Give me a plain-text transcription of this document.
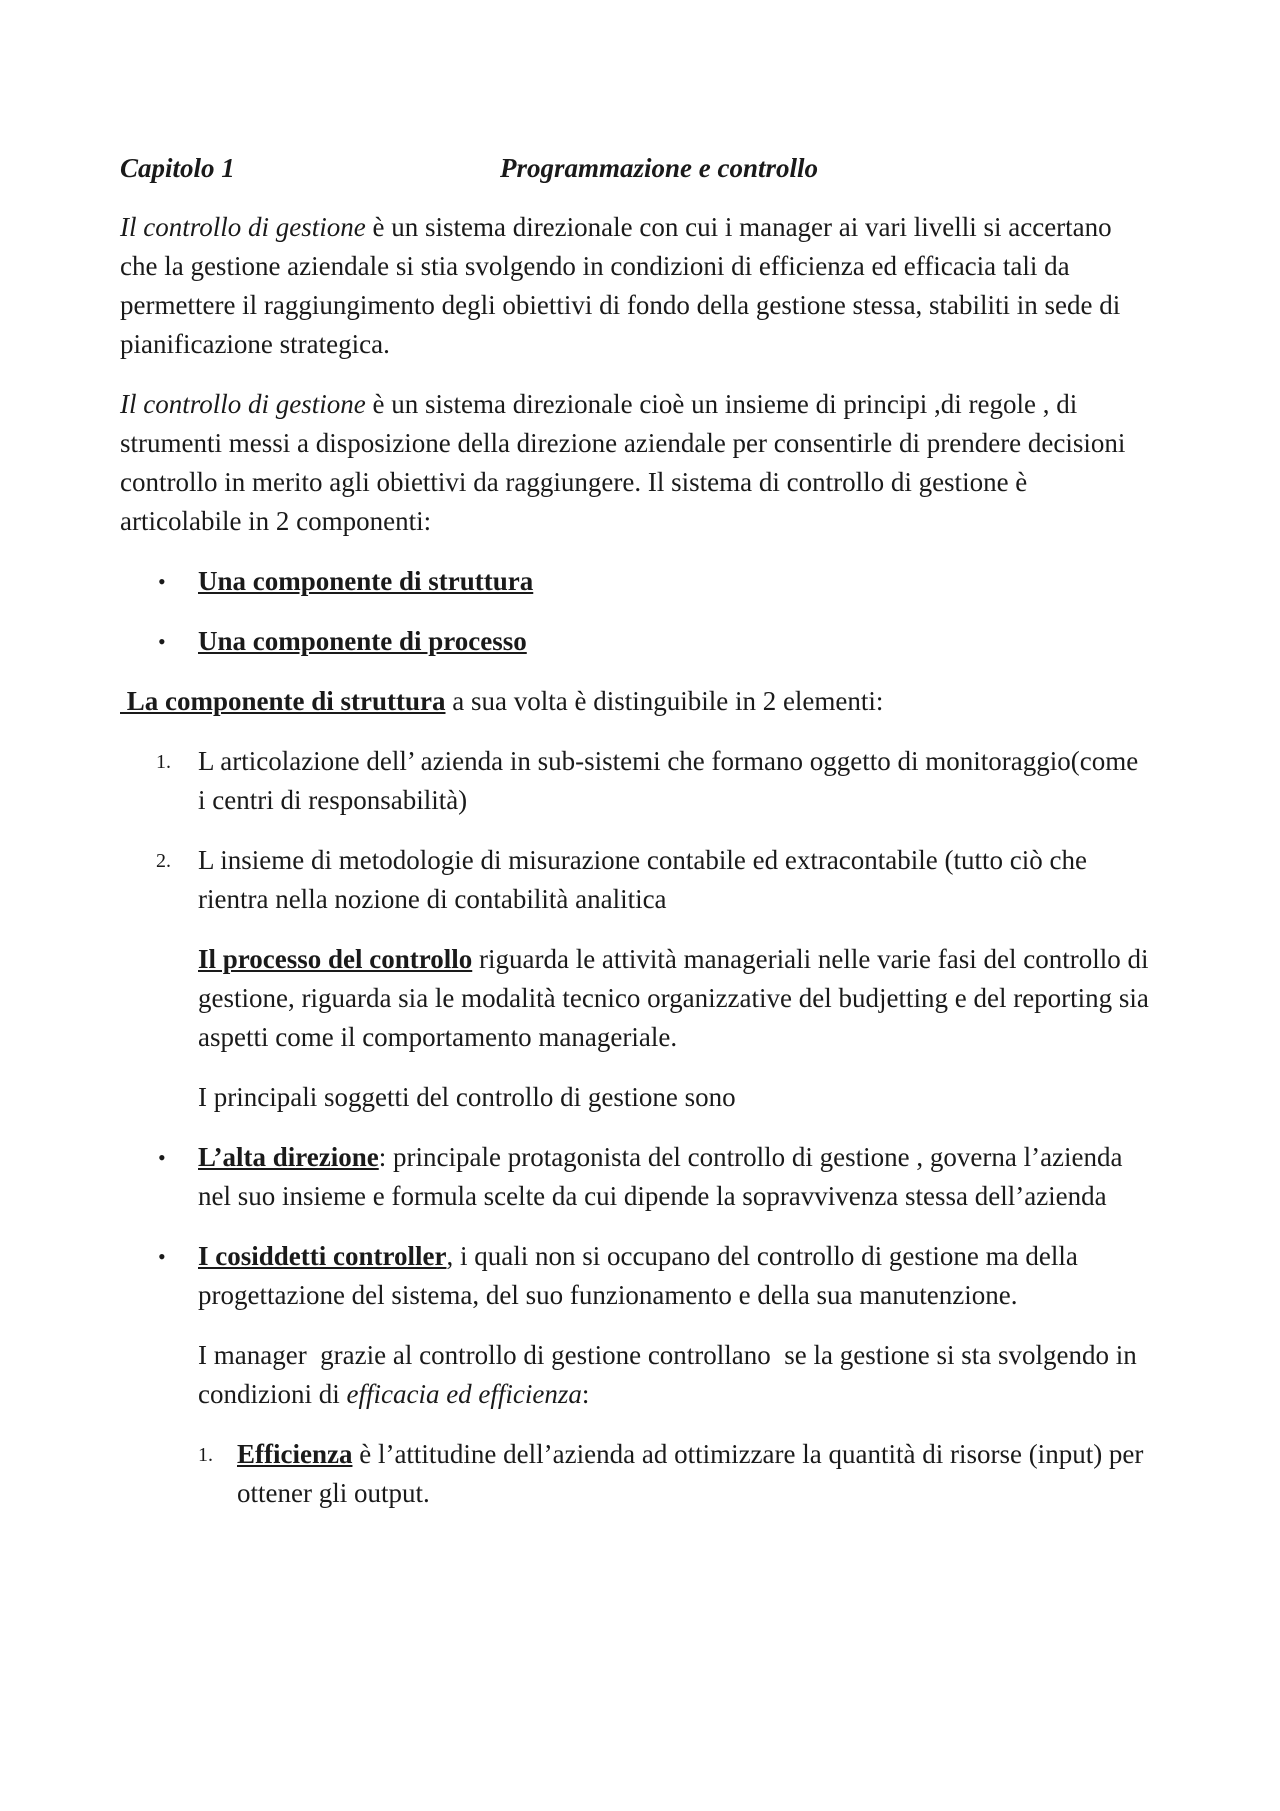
Capitolo 1	Programmazione e controllo

Il controllo di gestione è un sistema direzionale con cui i manager ai vari livelli si accertano che la gestione aziendale si stia svolgendo in condizioni di efficienza ed efficacia tali da permettere il raggiungimento degli obiettivi di fondo della gestione stessa, stabiliti in sede di pianificazione strategica.

Il controllo di gestione è un sistema direzionale cioè un insieme di principi ,di regole , di strumenti messi a disposizione della direzione aziendale per consentirle di prendere decisioni controllo in merito agli obiettivi da raggiungere. Il sistema di controllo di gestione è articolabile in 2 componenti:

• Una componente di struttura
• Una componente di processo

La componente di struttura a sua volta è distinguibile in 2 elementi:

1. L articolazione dell’ azienda in sub-sistemi che formano oggetto di monitoraggio(come i centri di responsabilità)
2. L insieme di metodologie di misurazione contabile ed extracontabile (tutto ciò che rientra nella nozione di contabilità analitica

Il processo del controllo riguarda le attività manageriali nelle varie fasi del controllo di gestione, riguarda sia le modalità tecnico organizzative del budjetting e del reporting sia aspetti come il comportamento manageriale.

I principali soggetti del controllo di gestione sono

• L’alta direzione: principale protagonista del controllo di gestione , governa l’azienda nel suo insieme e formula scelte da cui dipende la sopravvivenza stessa dell’azienda
• I cosiddetti controller, i quali non si occupano del controllo di gestione ma della progettazione del sistema, del suo funzionamento e della sua manutenzione.

I manager  grazie al controllo di gestione controllano  se la gestione si sta svolgendo in condizioni di efficacia ed efficienza:

1. Efficienza è l’attitudine dell’azienda ad ottimizzare la quantità di risorse (input) per ottener gli output.
